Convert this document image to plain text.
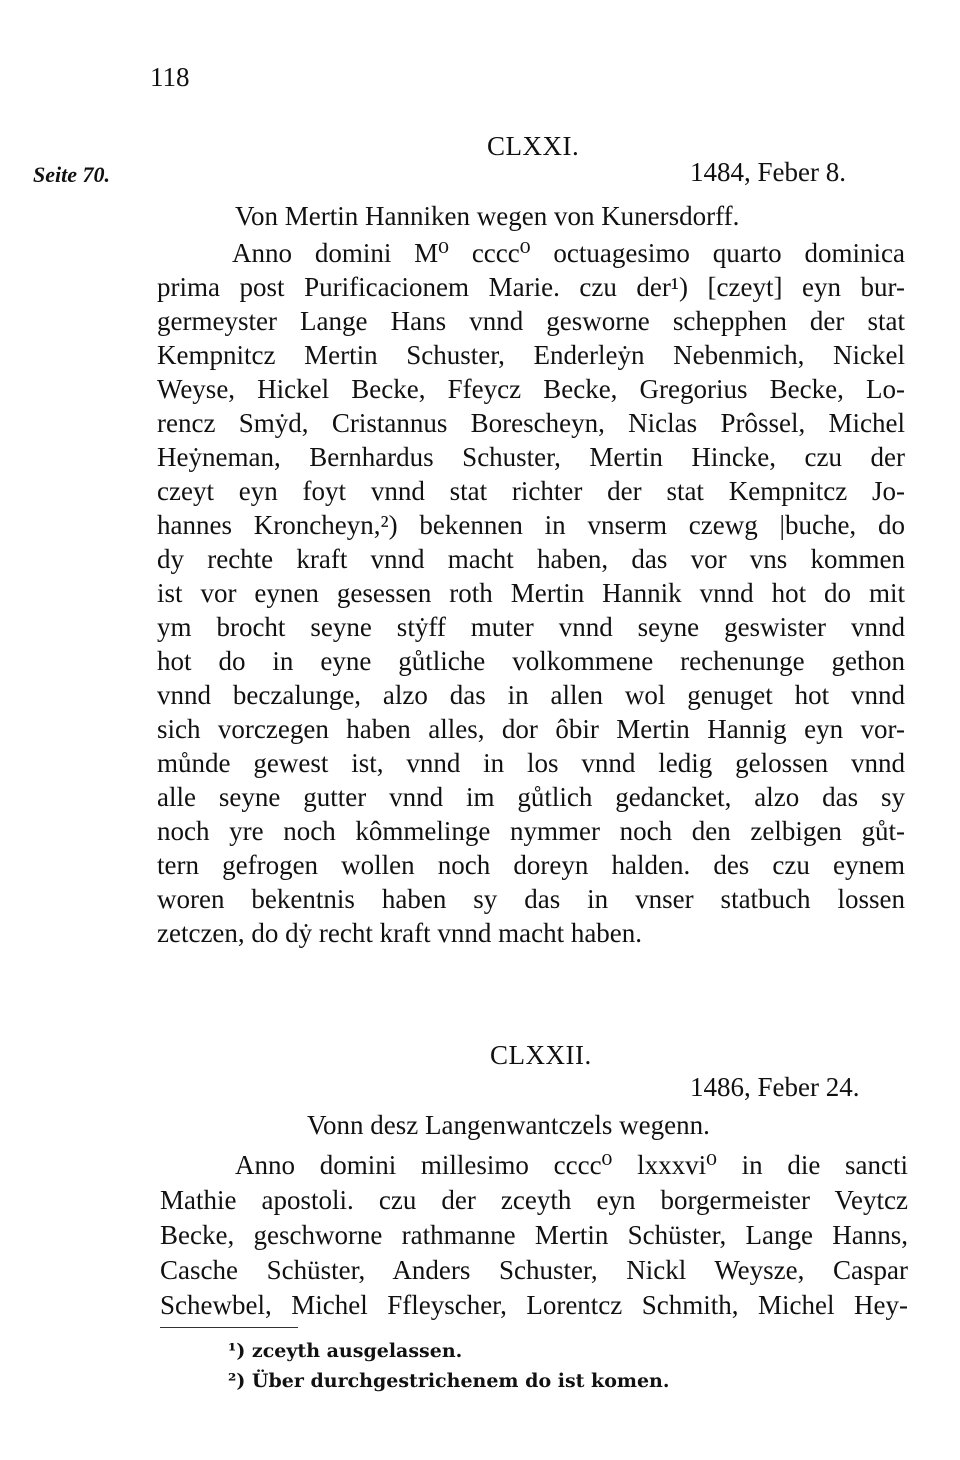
118
Seite 70.
CLXXI.
1484, Feber 8.
Von Mertin Hanniken wegen von Kunersdorff.
Anno domini M⁰ cccc⁰ octuagesimo quarto dominica
prima post Purificacionem Marie. czu der¹) [czeyt] eyn bur-
germeyster Lange Hans vnnd gesworne schepphen der stat
Kempnitcz Mertin Schuster, Enderleẏn Nebenmich, Nickel
Weyse, Hickel Becke, Ffeycz Becke, Gregorius Becke, Lo-
rencz Smẏd, Cristannus Borescheyn, Niclas Prôssel, Michel
Heẏneman, Bernhardus Schuster, Mertin Hincke, czu der
czeyt eyn foyt vnnd stat richter der stat Kempnitcz Jo-
hannes Kroncheyn,²) bekennen in vnserm czewg |buche, do
dy rechte kraft vnnd macht haben, das vor vns kommen
ist vor eynen gesessen roth Mertin Hannik vnnd hot do mit
ym brocht seyne stẏff muter vnnd seyne geswister vnnd
hot do in eyne gůtliche volkommene rechenunge gethon
vnnd beczalunge, alzo das in allen wol genuget hot vnnd
sich vorczegen haben alles, dor ôbir Mertin Hannig eyn vor-
můnde gewest ist, vnnd in los vnnd ledig gelossen vnnd
alle seyne gutter vnnd im gůtlich gedancket, alzo das sy
noch yre noch kômmelinge nymmer noch den zelbigen gůt-
tern gefrogen wollen noch doreyn halden. des czu eynem
woren bekentnis haben sy das in vnser statbuch lossen
zetczen, do dẏ recht kraft vnnd macht haben.
CLXXII.
1486, Feber 24.
Vonn desz Langenwantczels wegenn.
Anno domini millesimo cccc⁰ lxxxvi⁰ in die sancti
Mathie apostoli. czu der zceyth eyn borgermeister Veytcz
Becke, geschworne rathmanne Mertin Schüster, Lange Hanns,
Casche Schüster, Anders Schuster, Nickl Weysze, Caspar
Schewbel, Michel Ffleyscher, Lorentcz Schmith, Michel Hey-
¹) zceyth ausgelassen.
²) Über durchgestrichenem do ist komen.
